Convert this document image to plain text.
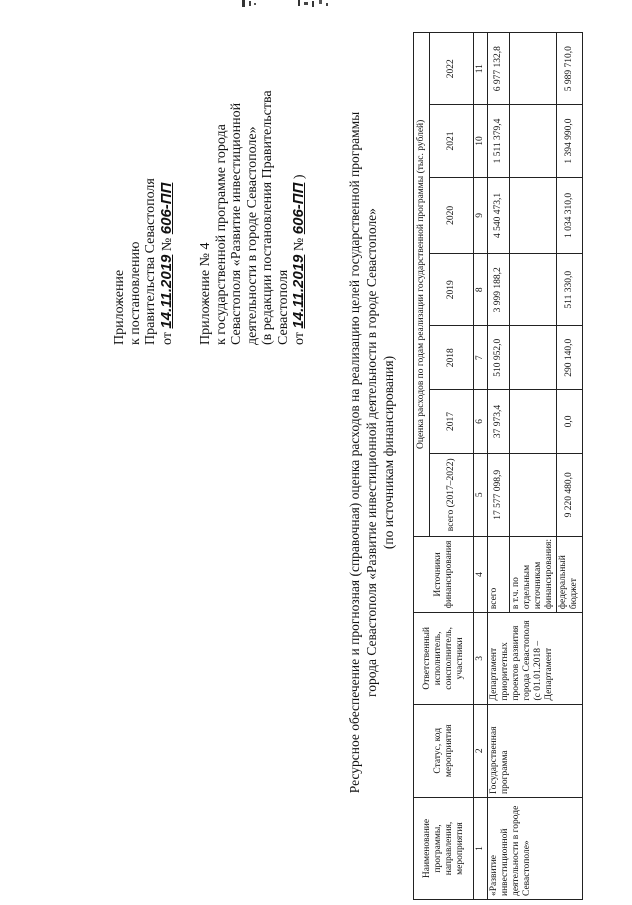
Приложение к постановлению Правительства Севастополя от 14.11.2019 № 606-ПП
Приложение № 4 к государственной программе города Севастополя «Развитие инвестиционной деятельности в городе Севастополе» (в редакции постановления Правительства Севастополя от 14.11.2019 № 606-ПП )	Ресурсное обеспечение и прогнозная (справочная) оценка расходов на реализацию целей государственной программы города Севастополя «Развитие инвестиционной деятельности в городе Севастополе» (по источникам финансирования)
Наименование программы, направления, мероприятия	Статус, код мероприятия	Ответственный исполнитель, соисполнитель, участники	Источники финансирования	Оценка расходов по годам реализации государственной программы (тыс. рублей)						
				всего (2017–2022)	2017	2018	2019	2020	2021	2022
1	2	3	4	5	6	7	8	9	10	11
«Развитие инвестиционной деятельности в городе Севастополе»	Государственная программа	Департамент приоритетных проектов развития города Севастополя (с 01.01.2018 – Департамент	всего	17 577 098,9	37 973,4	510 952,0	3 999 188,2	4 540 473,1	1 511 379,4	6 977 132,8
			в т.ч. по отдельным источникам финансирования:							
			федеральный бюджет	9 220 480,0	0,0	290 140,0	511 330,0	1 034 310,0	1 394 990,0	5 989 710,0
